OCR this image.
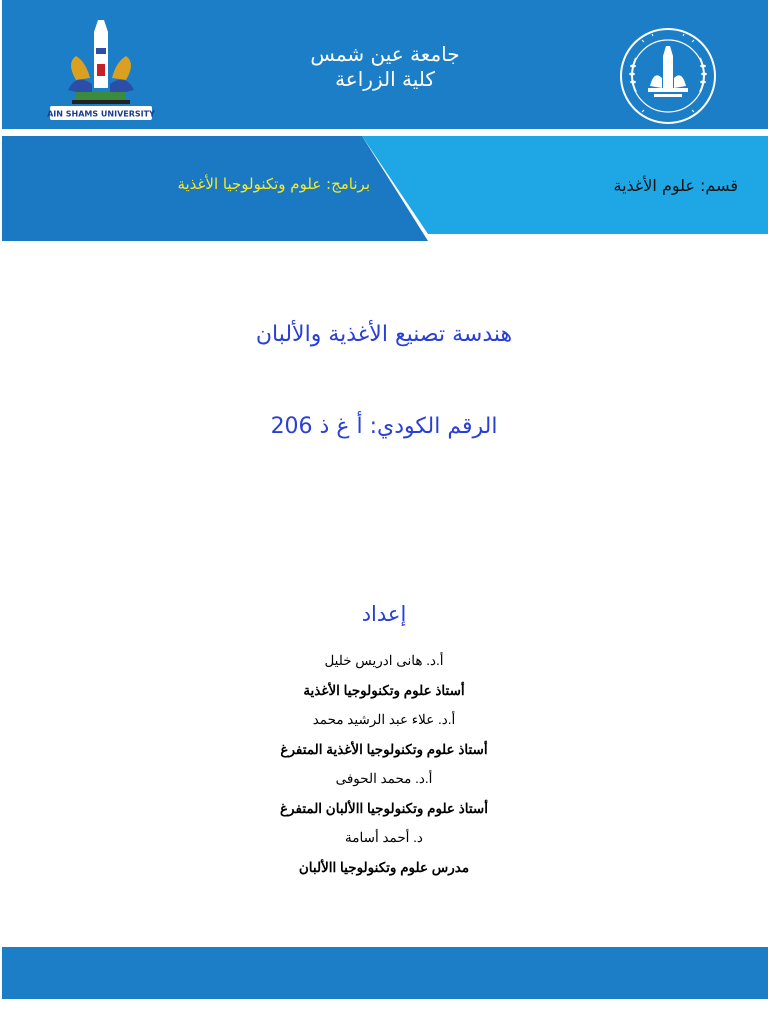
AIN SHAMS UNIVERSITY
جامعة عين شمس
كلية الزراعة
برنامج: علوم وتكنولوجيا الأغذية	قسم: علوم الأغذية
هندسة تصنيع الأغذية والألبان
الرقم الكودي: أ غ ذ 206
إعداد
أ.د. هانى ادريس خليل
أستاذ علوم وتكنولوجيا الأغذية
أ.د. علاء عبد الرشيد محمد
أستاذ علوم وتكنولوجيا الأغذية المتفرغ
أ.د. محمد الحوفى
أستاذ علوم وتكنولوجيا االألبان المتفرغ
د. أحمد أسامة
مدرس علوم وتكنولوجيا االألبان
